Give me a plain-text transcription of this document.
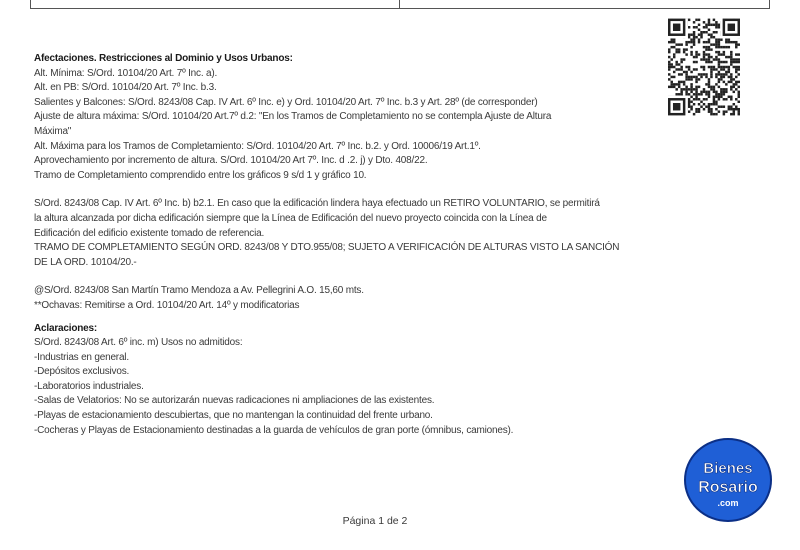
Afectaciones. Restricciones al Dominio y Usos Urbanos:
Alt. Mínima: S/Ord. 10104/20 Art. 7º Inc. a).
Alt. en PB: S/Ord. 10104/20 Art. 7º Inc. b.3.
Salientes y Balcones: S/Ord. 8243/08 Cap. IV Art. 6º Inc. e) y Ord. 10104/20 Art. 7º Inc. b.3 y Art. 28º (de corresponder)
Ajuste de altura máxima: S/Ord. 10104/20 Art.7º d.2: "En los Tramos de Completamiento no se contempla Ajuste de Altura
Máxima"
Alt. Máxima para los Tramos de Completamiento: S/Ord. 10104/20 Art. 7º Inc. b.2. y Ord. 10006/19 Art.1º.
Aprovechamiento por incremento de altura. S/Ord. 10104/20 Art 7º. Inc. d .2. j) y Dto. 408/22.
Tramo de Completamiento comprendido entre los gráficos 9 s/d 1 y gráfico 10.
S/Ord. 8243/08 Cap. IV Art. 6º Inc. b) b2.1. En caso que la edificación lindera haya efectuado un RETIRO VOLUNTARIO, se permitirá
la altura alcanzada por dicha edificación siempre que la Línea de Edificación del nuevo proyecto coincida con la Línea de
Edificación del edificio existente tomado de referencia.
TRAMO DE COMPLETAMIENTO SEGÚN ORD. 8243/08 Y DTO.955/08; SUJETO A VERIFICACIÓN DE ALTURAS VISTO LA SANCIÓN
DE LA ORD. 10104/20.-
@S/Ord. 8243/08 San Martín Tramo Mendoza a Av. Pellegrini A.O. 15,60 mts.
**Ochavas: Remitirse a Ord. 10104/20 Art. 14º y modificatorias
Aclaraciones:
S/Ord. 8243/08 Art. 6º inc. m) Usos no admitidos:
-Industrias en general.
-Depósitos exclusivos.
-Laboratorios industriales.
-Salas de Velatorios: No se autorizarán nuevas radicaciones ni ampliaciones de las existentes.
-Playas de estacionamiento descubiertas, que no mantengan la continuidad del frente urbano.
-Cocheras y Playas de Estacionamiento destinadas a la guarda de vehículos de gran porte (ómnibus, camiones).
Página 1 de 2
Bienes
Rosario
.com
